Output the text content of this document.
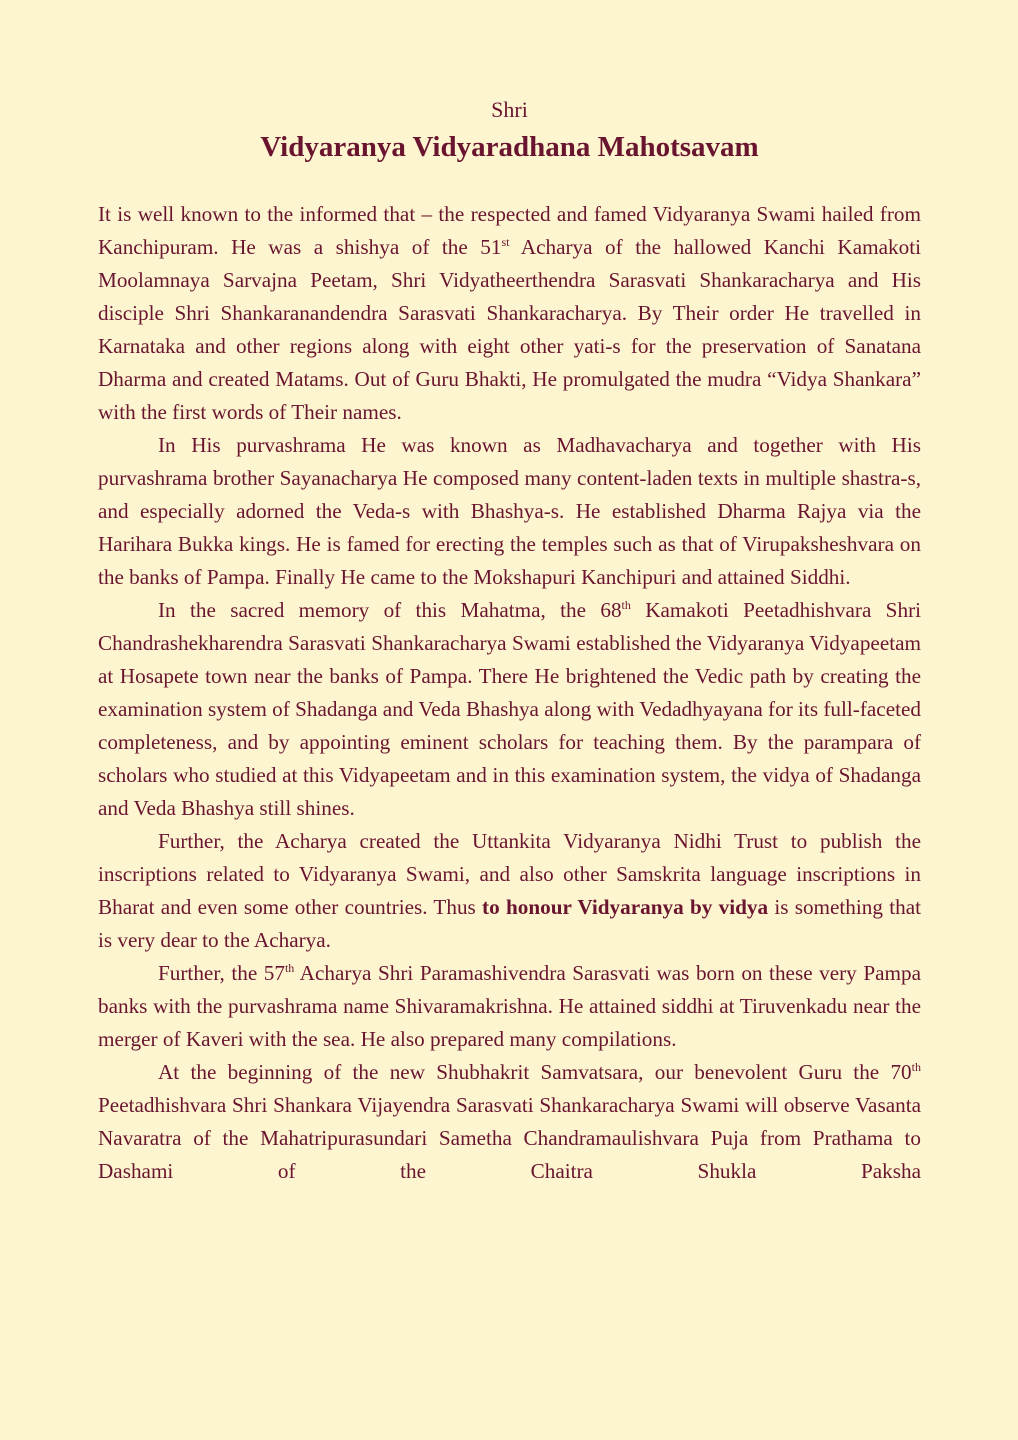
Shri

Vidyaranya Vidyaradhana Mahotsavam

It is well known to the informed that – the respected and famed Vidyaranya Swami hailed from Kanchipuram. He was a shishya of the 51st Acharya of the hallowed Kanchi Kamakoti Moolamnaya Sarvajna Peetam, Shri Vidyatheerthendra Sarasvati Shankaracharya and His disciple Shri Shankaranandendra Sarasvati Shankaracharya. By Their order He travelled in Karnataka and other regions along with eight other yati-s for the preservation of Sanatana Dharma and created Matams. Out of Guru Bhakti, He promulgated the mudra “Vidya Shankara” with the first words of Their names.

In His purvashrama He was known as Madhavacharya and together with His purvashrama brother Sayanacharya He composed many content-laden texts in multiple shastra-s, and especially adorned the Veda-s with Bhashya-s. He established Dharma Rajya via the Harihara Bukka kings. He is famed for erecting the temples such as that of Virupaksheshvara on the banks of Pampa. Finally He came to the Mokshapuri Kanchipuri and attained Siddhi.

In the sacred memory of this Mahatma, the 68th Kamakoti Peetadhishvara Shri Chandrashekharendra Sarasvati Shankaracharya Swami established the Vidyaranya Vidyapeetam at Hosapete town near the banks of Pampa. There He brightened the Vedic path by creating the examination system of Shadanga and Veda Bhashya along with Vedadhyayana for its full-faceted completeness, and by appointing eminent scholars for teaching them. By the parampara of scholars who studied at this Vidyapeetam and in this examination system, the vidya of Shadanga and Veda Bhashya still shines.

Further, the Acharya created the Uttankita Vidyaranya Nidhi Trust to publish the inscriptions related to Vidyaranya Swami, and also other Samskrita language inscriptions in Bharat and even some other countries. Thus to honour Vidyaranya by vidya is something that is very dear to the Acharya.

Further, the 57th Acharya Shri Paramashivendra Sarasvati was born on these very Pampa banks with the purvashrama name Shivaramakrishna. He attained siddhi at Tiruvenkadu near the merger of Kaveri with the sea. He also prepared many compilations.

At the beginning of the new Shubhakrit Samvatsara, our benevolent Guru the 70th Peetadhishvara Shri Shankara Vijayendra Sarasvati Shankaracharya Swami will observe Vasanta Navaratra of the Mahatripurasundari Sametha Chandramaulishvara Puja from Prathama to Dashami of the Chaitra Shukla Paksha
